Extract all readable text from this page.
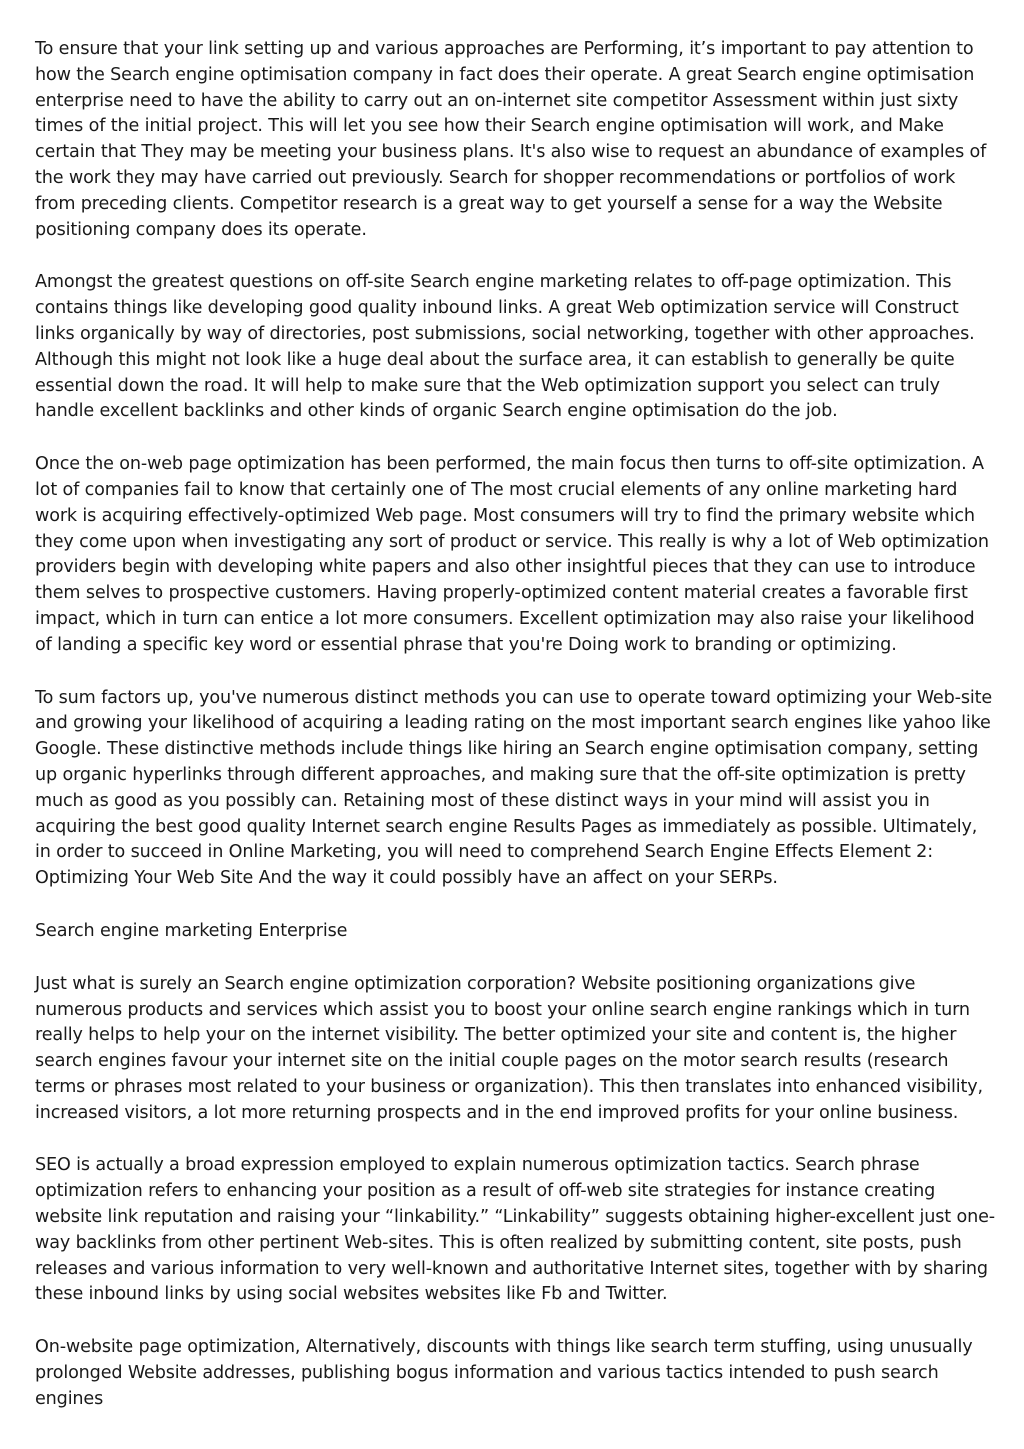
To ensure that your link setting up and various approaches are Performing, it’s important to pay attention to how the Search engine optimisation company in fact does their operate. A great Search engine optimisation enterprise need to have the ability to carry out an on-internet site competitor Assessment within just sixty times of the initial project. This will let you see how their Search engine optimisation will work, and Make certain that They may be meeting your business plans. It's also wise to request an abundance of examples of the work they may have carried out previously. Search for shopper recommendations or portfolios of work from preceding clients. Competitor research is a great way to get yourself a sense for a way the Website positioning company does its operate.

Amongst the greatest questions on off-site Search engine marketing relates to off-page optimization. This contains things like developing good quality inbound links. A great Web optimization service will Construct links organically by way of directories, post submissions, social networking, together with other approaches. Although this might not look like a huge deal about the surface area, it can establish to generally be quite essential down the road. It will help to make sure that the Web optimization support you select can truly handle excellent backlinks and other kinds of organic Search engine optimisation do the job.

Once the on-web page optimization has been performed, the main focus then turns to off-site optimization. A lot of companies fail to know that certainly one of The most crucial elements of any online marketing hard work is acquiring effectively-optimized Web page. Most consumers will try to find the primary website which they come upon when investigating any sort of product or service. This really is why a lot of Web optimization providers begin with developing white papers and also other insightful pieces that they can use to introduce them selves to prospective customers. Having properly-optimized content material creates a favorable first impact, which in turn can entice a lot more consumers. Excellent optimization may also raise your likelihood of landing a specific key word or essential phrase that you're Doing work to branding or optimizing.

To sum factors up, you've numerous distinct methods you can use to operate toward optimizing your Web-site and growing your likelihood of acquiring a leading rating on the most important search engines like yahoo like Google. These distinctive methods include things like hiring an Search engine optimisation company, setting up organic hyperlinks through different approaches, and making sure that the off-site optimization is pretty much as good as you possibly can. Retaining most of these distinct ways in your mind will assist you in acquiring the best good quality Internet search engine Results Pages as immediately as possible. Ultimately, in order to succeed in Online Marketing, you will need to comprehend Search Engine Effects Element 2: Optimizing Your Web Site And the way it could possibly have an affect on your SERPs.

Search engine marketing Enterprise

Just what is surely an Search engine optimization corporation? Website positioning organizations give numerous products and services which assist you to boost your online search engine rankings which in turn really helps to help your on the internet visibility. The better optimized your site and content is, the higher search engines favour your internet site on the initial couple pages on the motor search results (research terms or phrases most related to your business or organization). This then translates into enhanced visibility, increased visitors, a lot more returning prospects and in the end improved profits for your online business.

SEO is actually a broad expression employed to explain numerous optimization tactics. Search phrase optimization refers to enhancing your position as a result of off-web site strategies for instance creating website link reputation and raising your “linkability.” “Linkability” suggests obtaining higher-excellent just one-way backlinks from other pertinent Web-sites. This is often realized by submitting content, site posts, push releases and various information to very well-known and authoritative Internet sites, together with by sharing these inbound links by using social websites websites like Fb and Twitter.

On-website page optimization, Alternatively, discounts with things like search term stuffing, using unusually prolonged Website addresses, publishing bogus information and various tactics intended to push search engines
